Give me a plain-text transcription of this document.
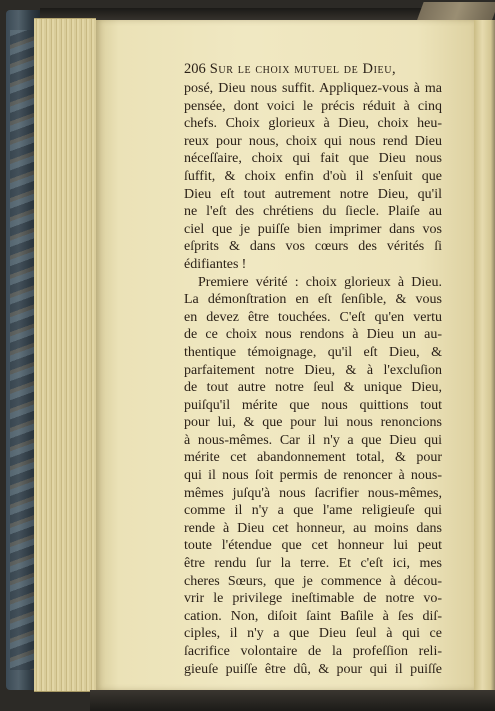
206 Sur le choix mutuel de Dieu,
posé, Dieu nous suffit. Appliquez-vous à ma
pensée, dont voici le précis réduit à cinq
chefs. Choix glorieux à Dieu, choix heu-
reux pour nous, choix qui nous rend Dieu
néceſſaire, choix qui fait que Dieu nous
ſuffit, & choix enfin d'où il s'enſuit que
Dieu eſt tout autrement notre Dieu, qu'il
ne l'eſt des chrétiens du ſiecle. Plaiſe au
ciel que je puiſſe bien imprimer dans vos
eſprits & dans vos cœurs des vérités ſi
édifiantes !
Premiere vérité : choix glorieux à Dieu.
La démonſtration en eſt ſenſible, & vous
en devez être touchées. C'eſt qu'en vertu
de ce choix nous rendons à Dieu un au-
thentique témoignage, qu'il eſt Dieu, &
parfaitement notre Dieu, & à l'excluſion
de tout autre notre ſeul & unique Dieu,
puiſqu'il mérite que nous quittions tout
pour lui, & que pour lui nous renoncions
à nous-mêmes. Car il n'y a que Dieu qui
mérite cet abandonnement total, & pour
qui il nous ſoit permis de renoncer à nous-
mêmes juſqu'à nous ſacrifier nous-mêmes,
comme il n'y a que l'ame religieuſe qui
rende à Dieu cet honneur, au moins dans
toute l'étendue que cet honneur lui peut
être rendu ſur la terre. Et c'eſt ici, mes
cheres Sœurs, que je commence à décou-
vrir le privilege ineſtimable de notre vo-
cation. Non, diſoit ſaint Baſile à ſes diſ-
ciples, il n'y a que Dieu ſeul à qui ce
ſacrifice volontaire de la profeſſion reli-
gieuſe puiſſe être dû, & pour qui il puiſſe
